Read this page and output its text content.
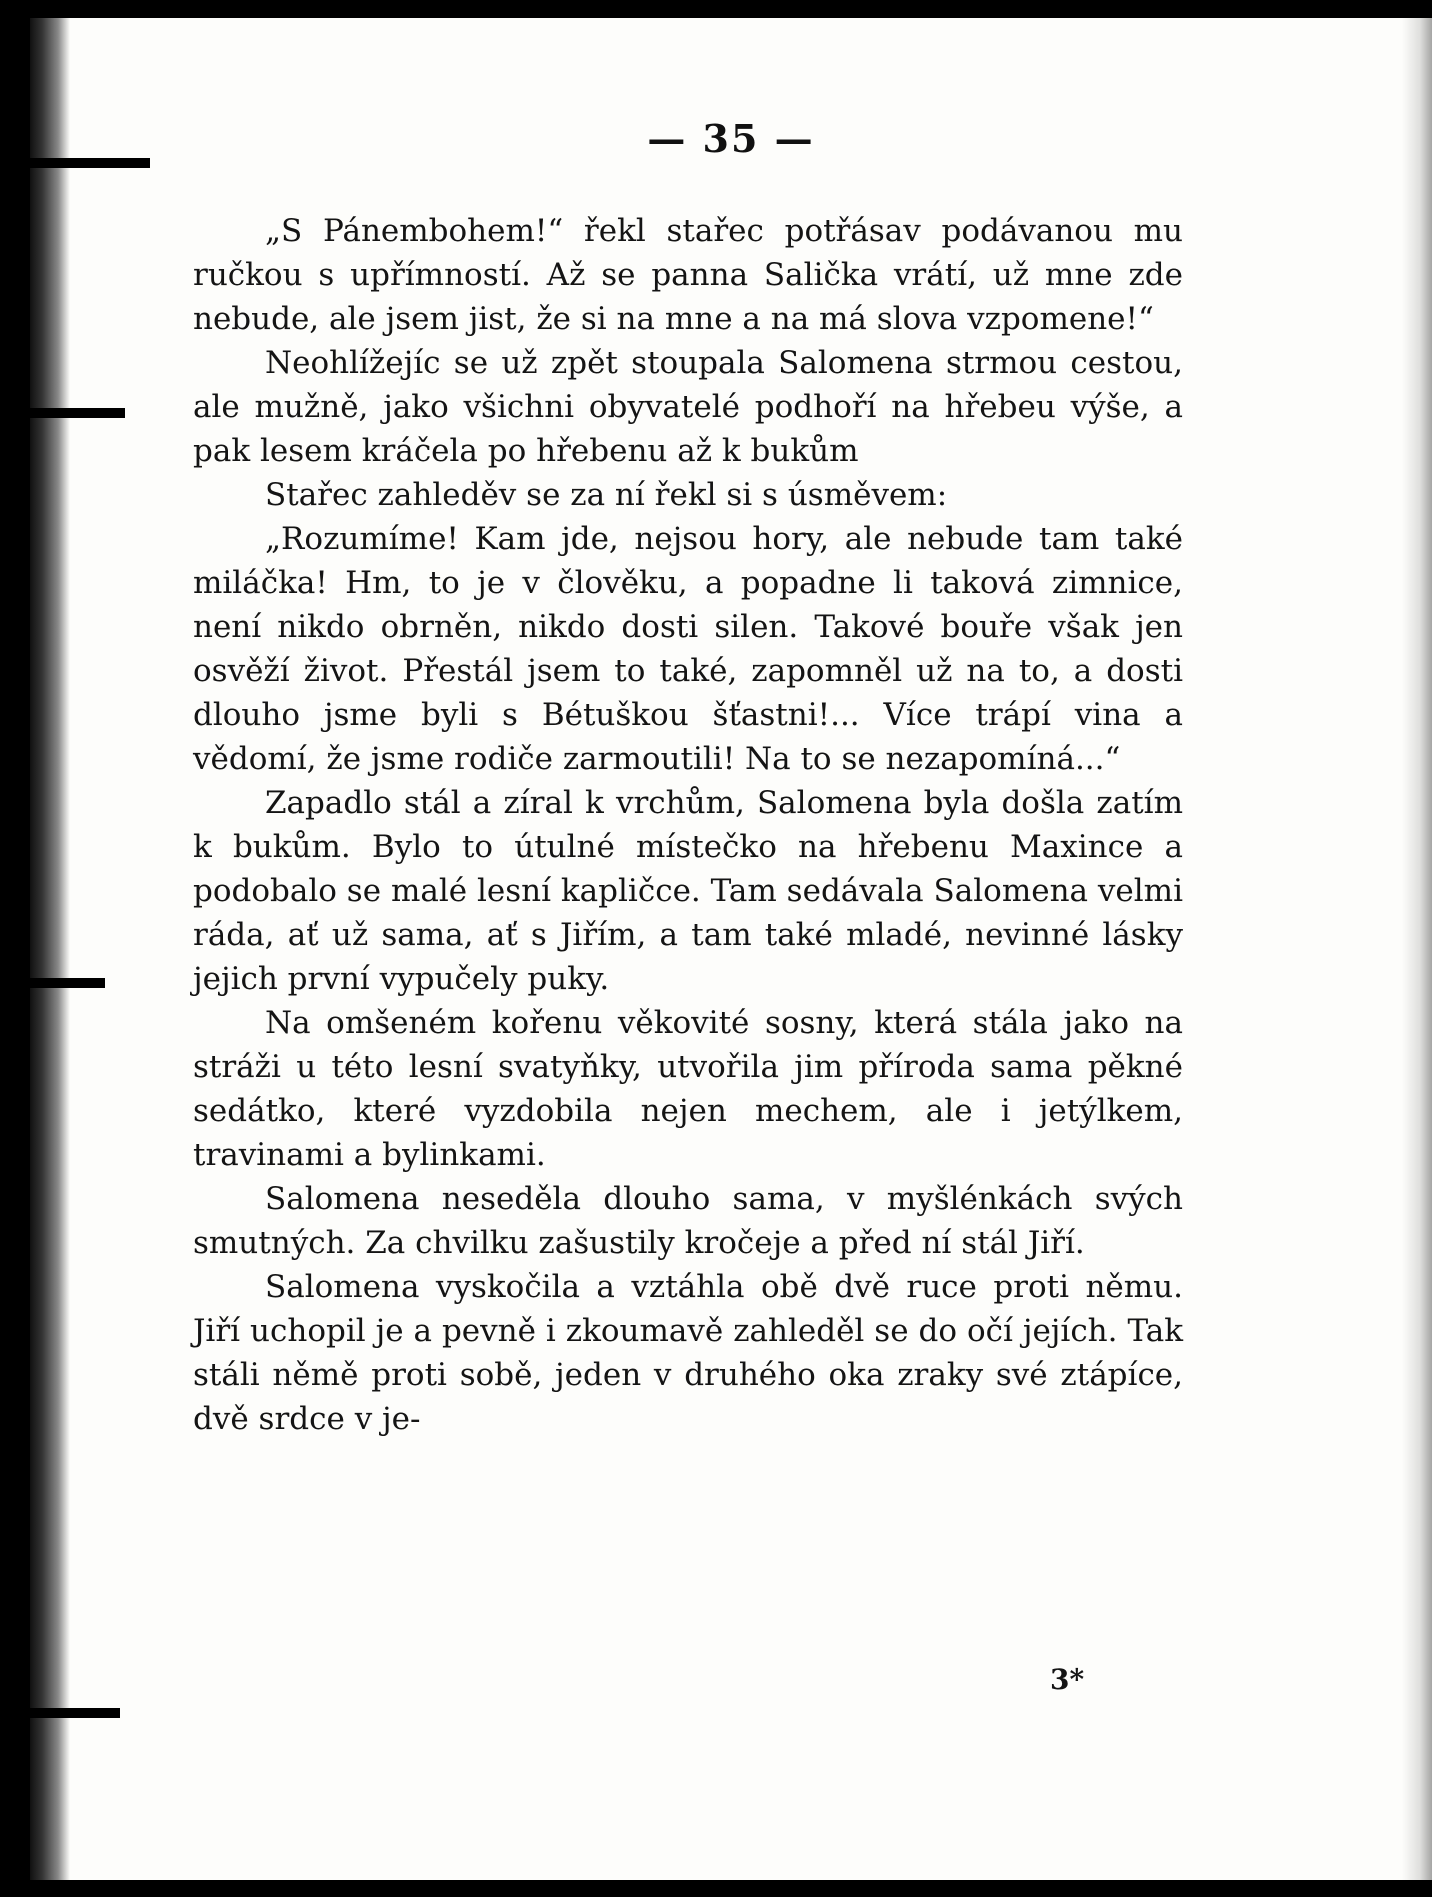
— 35 —

„S Pánembohem!“ řekl stařec potřásav podávanou mu ručkou s upřímností. Až se panna Salička vrátí, už mne zde nebude, ale jsem jist, že si na mne a na má slova vzpomene!“

Neohlížejíc se už zpět stoupala Salomena strmou cestou, ale mužně, jako všichni obyvatelé podhoří na hřebeu výše, a pak lesem kráčela po hřebenu až k bukům

Stařec zahleděv se za ní řekl si s úsměvem:

„Rozumíme! Kam jde, nejsou hory, ale nebude tam také miláčka! Hm, to je v člověku, a popadne li taková zimnice, není nikdo obrněn, nikdo dosti silen. Takové bouře však jen osvěží život. Přestál jsem to také, zapomněl už na to, a dosti dlouho jsme byli s Bétuškou šťastni!... Více trápí vina a vědomí, že jsme rodiče zarmoutili! Na to se nezapomíná...“

Zapadlo stál a zíral k vrchům, Salomena byla došla zatím k bukům. Bylo to útulné místečko na hřebenu Maxince a podobalo se malé lesní kapličce. Tam sedávala Salomena velmi ráda, ať už sama, ať s Jiřím, a tam také mladé, nevinné lásky jejich první vypučely puky.

Na omšeném kořenu věkovité sosny, která stála jako na stráži u této lesní svatyňky, utvořila jim příroda sama pěkné sedátko, které vyzdobila nejen mechem, ale i jetýlkem, travinami a bylinkami.

Salomena neseděla dlouho sama, v myšlénkách svých smutných. Za chvilku zašustily kročeje a před ní stál Jiří.

Salomena vyskočila a vztáhla obě dvě ruce proti němu. Jiří uchopil je a pevně i zkoumavě zahleděl se do očí jejích. Tak stáli němě proti sobě, jeden v druhého oka zraky své ztápíce, dvě srdce v je-

3*
